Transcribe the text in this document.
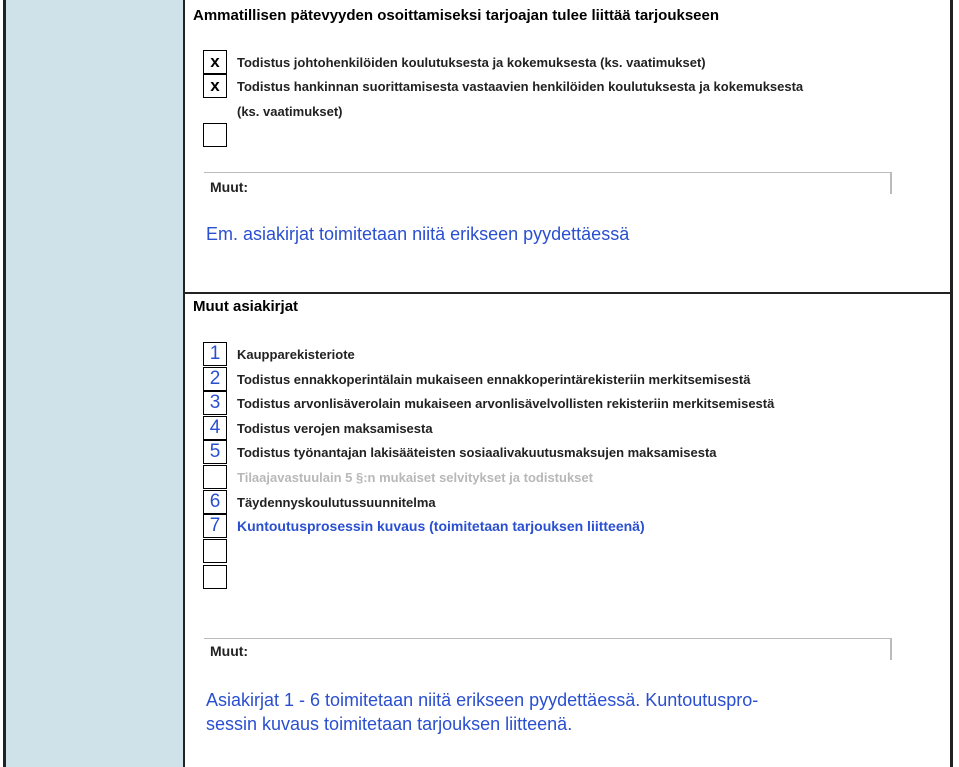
Ammatillisen pätevyyden osoittamiseksi tarjoajan tulee liittää tarjoukseen
x	Todistus johtohenkilöiden koulutuksesta ja kokemuksesta (ks. vaatimukset)
x	Todistus hankinnan suorittamisesta vastaavien henkilöiden koulutuksesta ja kokemuksesta
(ks. vaatimukset)
Muut:
Em. asiakirjat toimitetaan niitä erikseen pyydettäessä
Muut asiakirjat
1	Kaupparekisteriote
2	Todistus ennakkoperintälain mukaiseen ennakkoperintärekisteriin merkitsemisestä
3	Todistus arvonlisäverolain mukaiseen arvonlisävelvollisten rekisteriin merkitsemisestä
4	Todistus verojen maksamisesta
5	Todistus työnantajan lakisääteisten sosiaalivakuutusmaksujen maksamisesta
Tilaajavastuulain 5 §:n mukaiset selvitykset ja todistukset
6	Täydennyskoulutussuunnitelma
7	Kuntoutusprosessin kuvaus (toimitetaan tarjouksen liitteenä)
Muut:
Asiakirjat 1 - 6 toimitetaan niitä erikseen pyydettäessä. Kuntoutuspro-
sessin kuvaus toimitetaan tarjouksen liitteenä.
